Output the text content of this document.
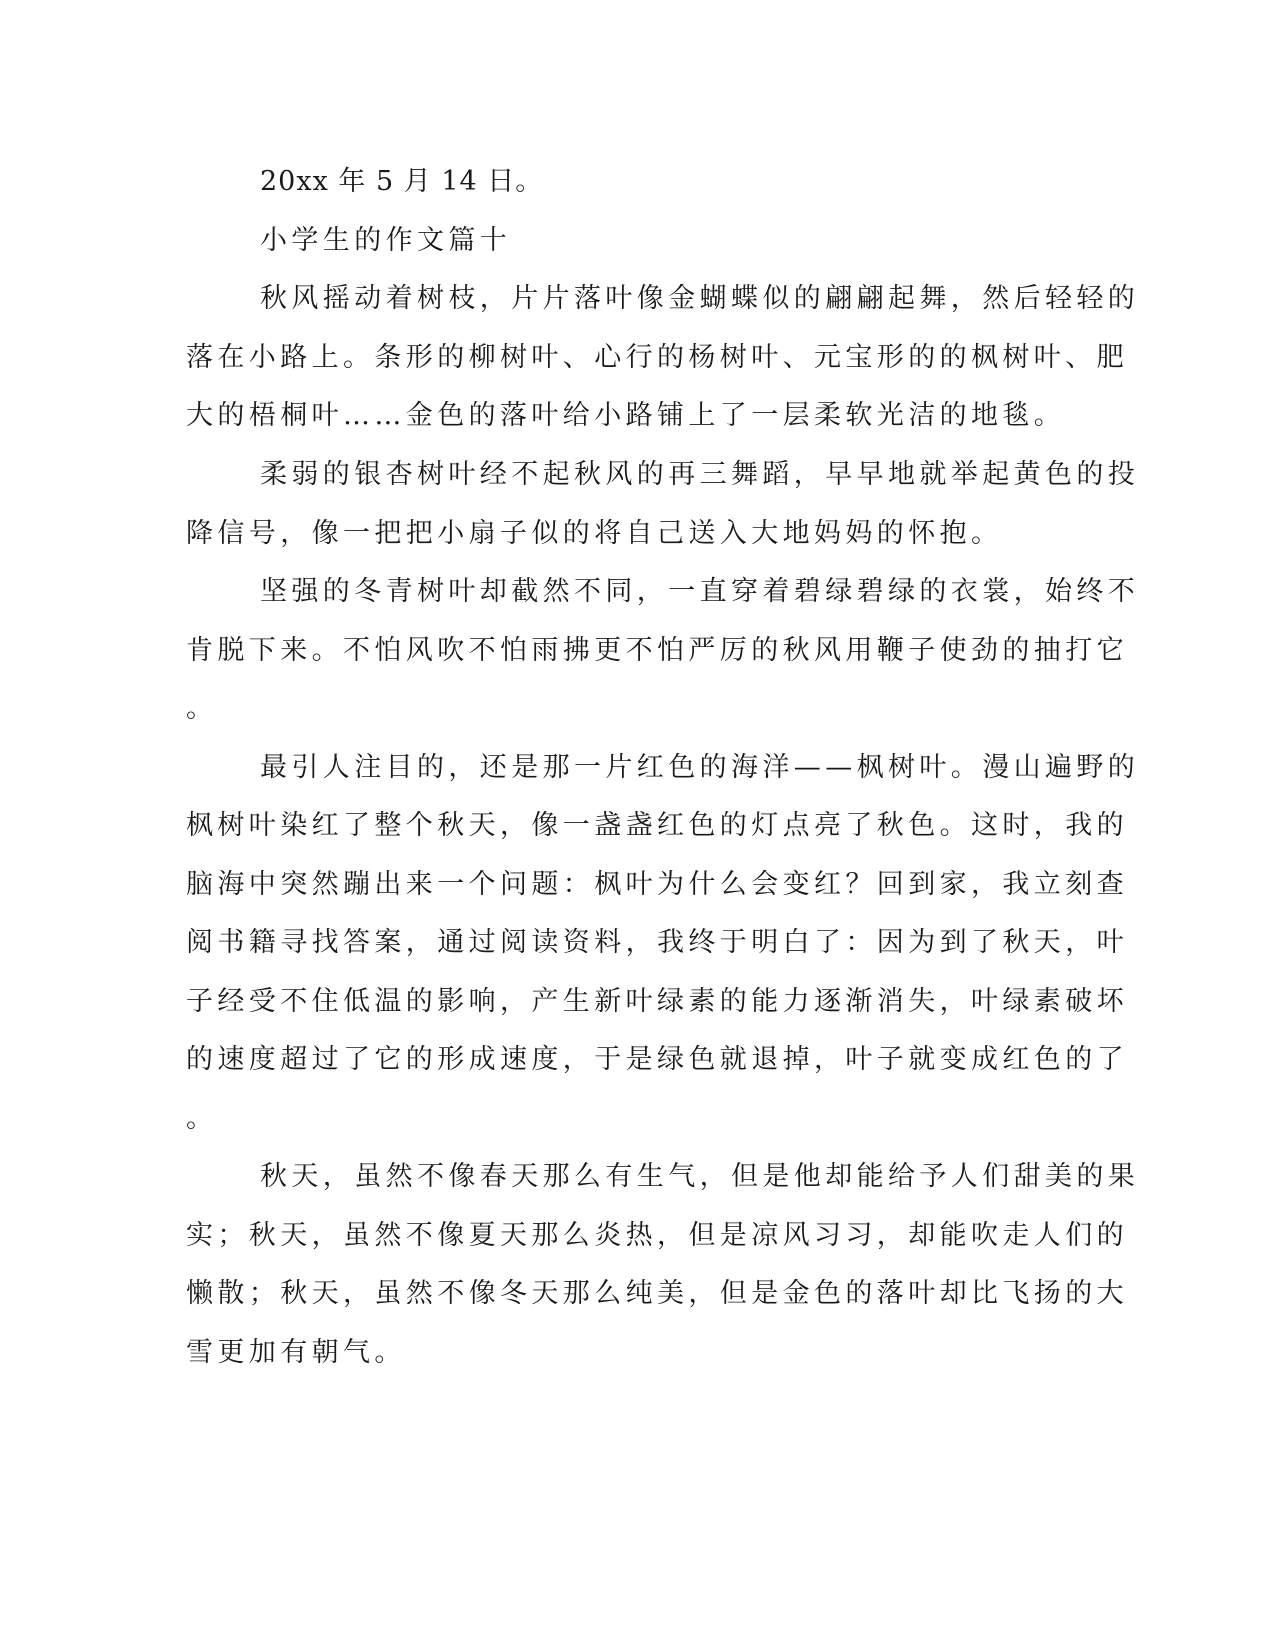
20xx 年 5 月 14 日。

小学生的作文篇十

秋风摇动着树枝，片片落叶像金蝴蝶似的翩翩起舞，然后轻轻的

落在小路上。条形的柳树叶、心行的杨树叶、元宝形的的枫树叶、肥

大的梧桐叶……金色的落叶给小路铺上了一层柔软光洁的地毯。

柔弱的银杏树叶经不起秋风的再三舞蹈，早早地就举起黄色的投

降信号，像一把把小扇子似的将自己送入大地妈妈的怀抱。

坚强的冬青树叶却截然不同，一直穿着碧绿碧绿的衣裳，始终不

肯脱下来。不怕风吹不怕雨拂更不怕严厉的秋风用鞭子使劲的抽打它

。

最引人注目的，还是那一片红色的海洋——枫树叶。漫山遍野的

枫树叶染红了整个秋天，像一盏盏红色的灯点亮了秋色。这时，我的

脑海中突然蹦出来一个问题：枫叶为什么会变红？回到家，我立刻查

阅书籍寻找答案，通过阅读资料，我终于明白了：因为到了秋天，叶

子经受不住低温的影响，产生新叶绿素的能力逐渐消失，叶绿素破坏

的速度超过了它的形成速度，于是绿色就退掉，叶子就变成红色的了

。

秋天，虽然不像春天那么有生气，但是他却能给予人们甜美的果

实；秋天，虽然不像夏天那么炎热，但是凉风习习，却能吹走人们的

懒散；秋天，虽然不像冬天那么纯美，但是金色的落叶却比飞扬的大

雪更加有朝气。
